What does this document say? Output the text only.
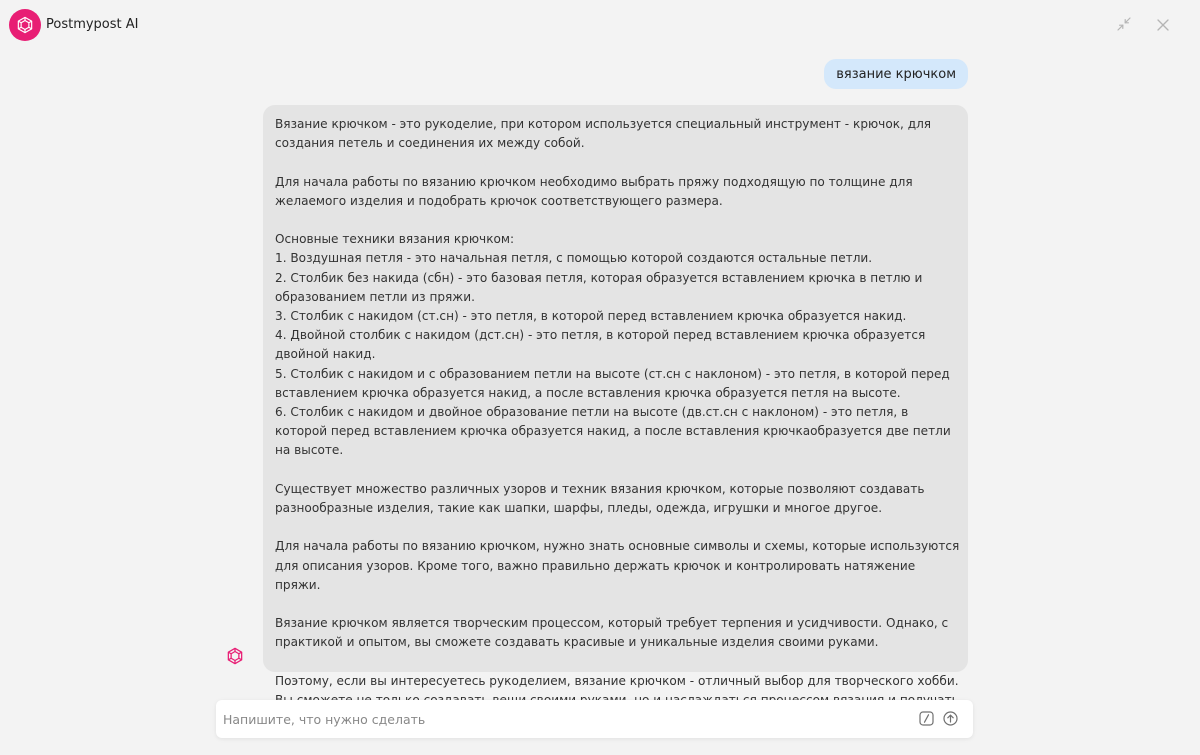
Postmypost AI
вязание крючком
Вязание крючком - это рукоделие, при котором используется специальный инструмент - крючок, для создания петель и соединения их между собой.

Для начала работы по вязанию крючком необходимо выбрать пряжу подходящую по толщине для желаемого изделия и подобрать крючок соответствующего размера.

Основные техники вязания крючком:
1. Воздушная петля - это начальная петля, с помощью которой создаются остальные петли.
2. Столбик без накида (сбн) - это базовая петля, которая образуется вставлением крючка в петлю и образованием петли из пряжи.
3. Столбик с накидом (ст.сн) - это петля, в которой перед вставлением крючка образуется накид.
4. Двойной столбик с накидом (дст.сн) - это петля, в которой перед вставлением крючка образуется двойной накид.
5. Столбик с накидом и с образованием петли на высоте (ст.сн с наклоном) - это петля, в которой перед вставлением крючка образуется накид, а после вставления крючка образуется петля на высоте.
6. Столбик с накидом и двойное образование петли на высоте (дв.ст.сн с наклоном) - это петля, в которой перед вставлением крючка образуется накид, а после вставления крючкаобразуется две петли на высоте.

Существует множество различных узоров и техник вязания крючком, которые позволяют создавать разнообразные изделия, такие как шапки, шарфы, пледы, одежда, игрушки и многое другое.

Для начала работы по вязанию крючком, нужно знать основные символы и схемы, которые используются для описания узоров. Кроме того, важно правильно держать крючок и контролировать натяжение пряжи.

Вязание крючком является творческим процессом, который требует терпения и усидчивости. Однако, с практикой и опытом, вы сможете создавать красивые и уникальные изделия своими руками.

Поэтому, если вы интересуетесь рукоделием, вязание крючком - отличный выбор для творческого хобби.
Напишите, что нужно сделать
